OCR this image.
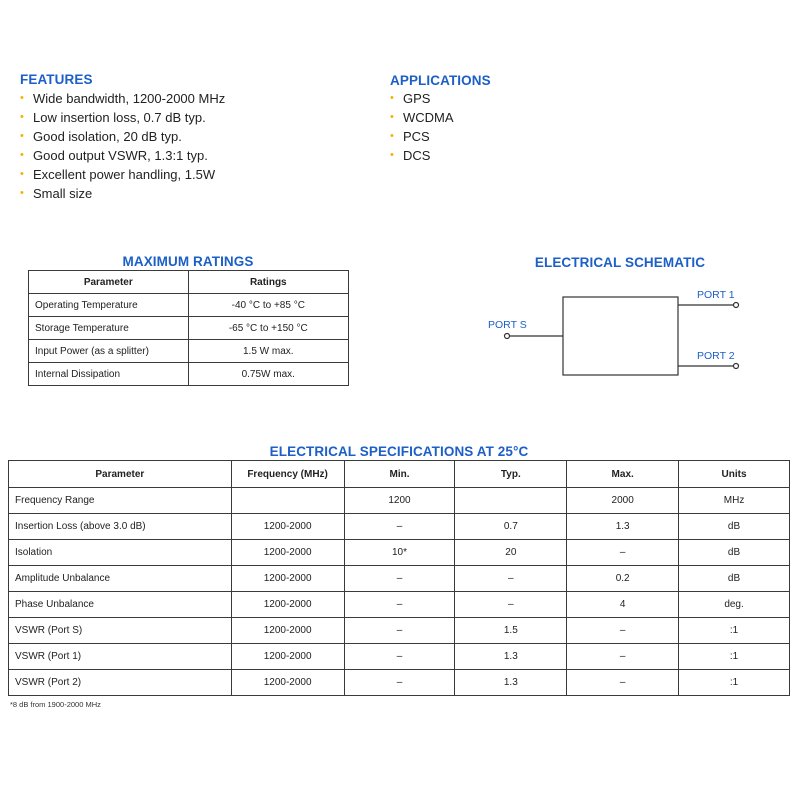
FEATURES
• Wide bandwidth, 1200-2000 MHz
• Low insertion loss, 0.7 dB typ.
• Good isolation, 20 dB typ.
• Good output VSWR, 1.3:1 typ.
• Excellent power handling, 1.5W
• Small size
APPLICATIONS
• GPS
• WCDMA
• PCS
• DCS
MAXIMUM RATINGS
Parameter	Ratings
Operating Temperature	-40 °C to +85 °C
Storage Temperature	-65 °C to +150 °C
Input Power (as a splitter)	1.5 W max.
Internal Dissipation	0.75W max.
ELECTRICAL SCHEMATIC
PORT S
PORT 1
PORT 2
ELECTRICAL SPECIFICATIONS AT 25°C
Parameter	Frequency (MHz)	Min.	Typ.	Max.	Units
Frequency Range		1200		2000	MHz
Insertion Loss (above 3.0 dB)	1200-2000	–	0.7	1.3	dB
Isolation	1200-2000	10*	20	–	dB
Amplitude Unbalance	1200-2000	–	–	0.2	dB
Phase Unbalance	1200-2000	–	–	4	deg.
VSWR (Port S)	1200-2000	–	1.5	–	:1
VSWR (Port 1)	1200-2000	–	1.3	–	:1
VSWR (Port 2)	1200-2000	–	1.3	–	:1
*8 dB from 1900-2000 MHz
